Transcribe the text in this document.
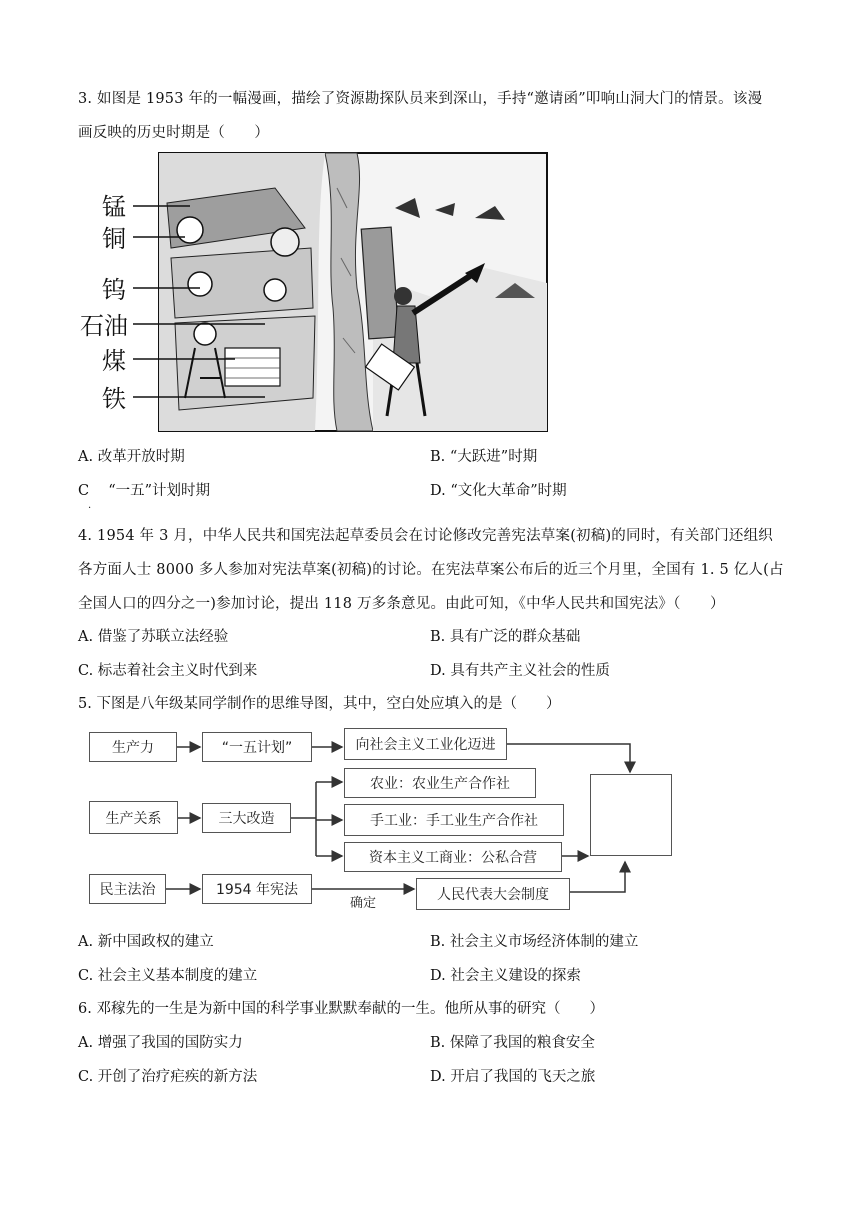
3. 如图是 1953 年的一幅漫画，描绘了资源勘探队员来到深山，手持“邀请函”叩响山洞大门的情景。该漫
画反映的历史时期是（　　）
锰
铜
钨
石油
煤
铁
A. 改革开放时期	B. “大跃进”时期
C 　“一五”计划时期
.
D. “文化大革命”时期
4. 1954 年 3 月，中华人民共和国宪法起草委员会在讨论修改完善宪法草案(初稿)的同时，有关部门还组织
各方面人士 8000 多人参加对宪法草案(初稿)的讨论。在宪法草案公布后的近三个月里，全国有 1. 5 亿人(占
全国人口的四分之一)参加讨论，提出 118 万多条意见。由此可知，《中华人民共和国宪法》（　　）
A. 借鉴了苏联立法经验	B. 具有广泛的群众基础
C. 标志着社会主义时代到来	D. 具有共产主义社会的性质
5. 下图是八年级某同学制作的思维导图，其中，空白处应填入的是（　　）
生产力	“一五计划”	向社会主义工业化迈进
生产关系	三大改造
农业：农业生产合作社
手工业：手工业生产合作社
资本主义工商业：公私合营
民主法治	1954 年宪法
确定
人民代表大会制度
A. 新中国政权的建立	B. 社会主义市场经济体制的建立
C. 社会主义基本制度的建立	D. 社会主义建设的探索
6. 邓稼先的一生是为新中国的科学事业默默奉献的一生。他所从事的研究（　　）
A. 增强了我国的国防实力	B. 保障了我国的粮食安全
C. 开创了治疗疟疾的新方法	D. 开启了我国的飞天之旅
